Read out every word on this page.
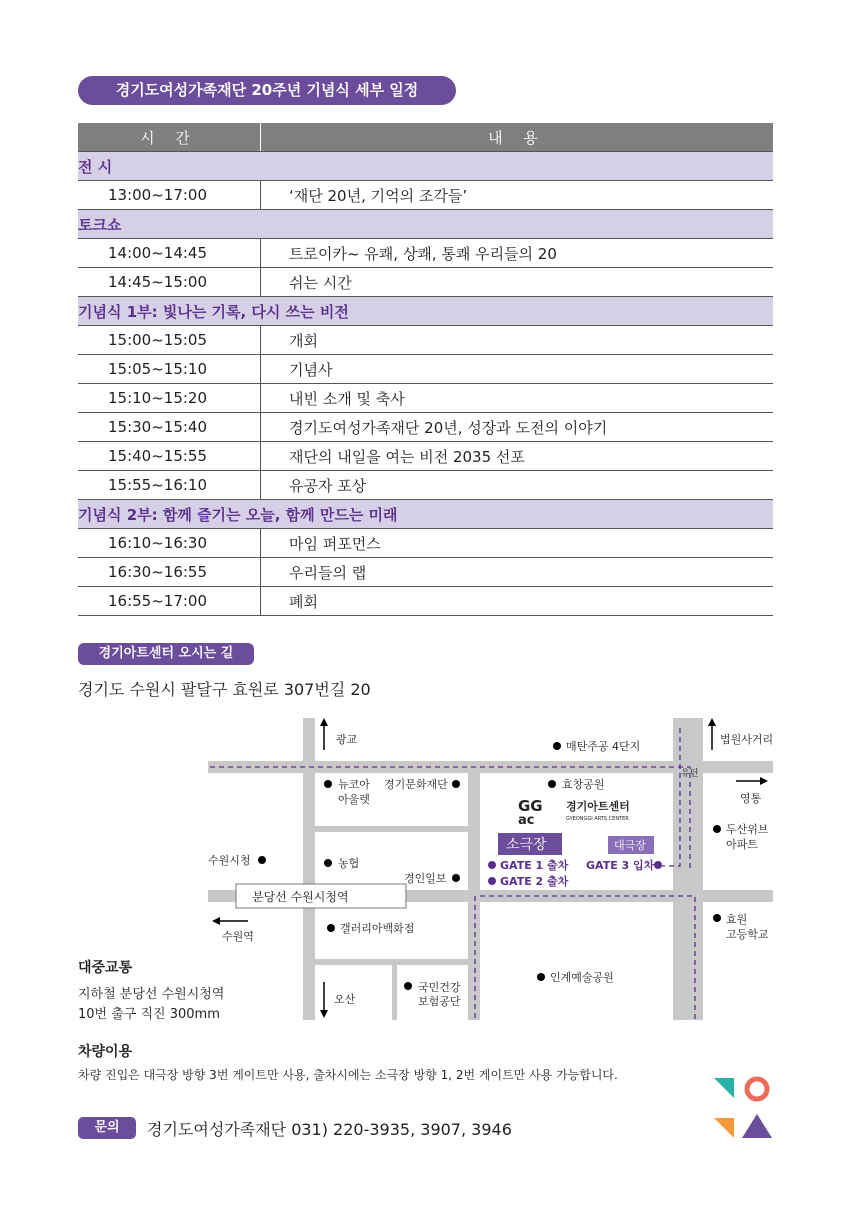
경기도여성가족재단 20주년 기념식 세부 일정
시 간	내 용
전 시	
13:00~17:00	‘재단 20년, 기억의 조각들’
토크쇼	
14:00~14:45	트로이카~ 유쾌, 상쾌, 통쾌 우리들의 20
14:45~15:00	쉬는 시간
기념식 1부: 빛나는 기록, 다시 쓰는 비전	
15:00~15:05	개회
15:05~15:10	기념사
15:10~15:20	내빈 소개 및 축사
15:30~15:40	경기도여성가족재단 20년, 성장과 도전의 이야기
15:40~15:55	재단의 내일을 여는 비전 2035 선포
15:55~16:10	유공자 포상
기념식 2부: 함께 즐기는 오늘, 함께 만드는 미래	
16:10~16:30	마임 퍼포먼스
16:30~16:55	우리들의 랩
16:55~17:00	폐회
경기아트센터 오시는 길
경기도 수원시 팔달구 효원로 307번길 20
GG
ac
광교	법원사거리
매탄주공 4단지
뉴코아
아울렛
경기문화재단	효창공원
영통
유턴
경기아트센터
GYEONGGI ARTS CENTER
두산위브
아파트
소극장	대극장
수원시청	농협
경인일보
GATE 1 출차
GATE 2 출차
GATE 3 입차
분당선 수원시청역
수원역
갤러리아백화점
효원
고등학교
오산
국민건강
보험공단
인계예술공원
대중교통
지하철 분당선 수원시청역
10번 출구 직진 300mm
차량이용
차량 진입은 대극장 방향 3번 게이트만 사용, 출차시에는 소극장 방향 1, 2번 게이트만 사용 가능합니다.
문의	경기도여성가족재단 031) 220-3935, 3907, 3946
